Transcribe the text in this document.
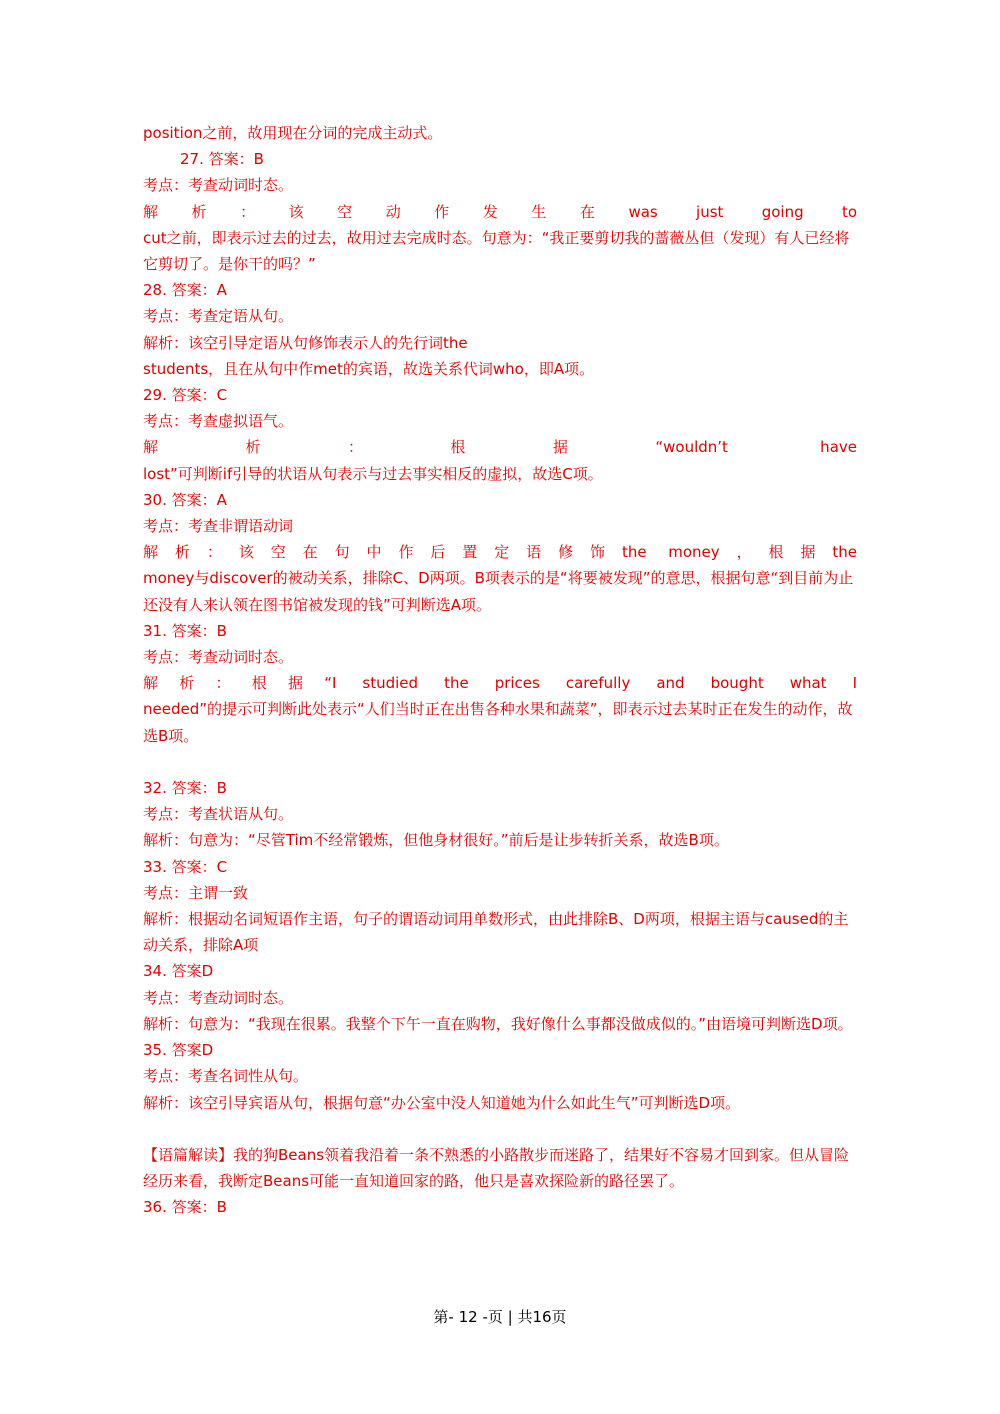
position之前，故用现在分词的完成主动式。

27. 答案：B

考点：考查动词时态。

解析：该空动作发生在was just going to

cut之前，即表示过去的过去，故用过去完成时态。句意为：“我正要剪切我的蔷薇丛但（发现）有人已经将它剪切了。是你干的吗？”

28. 答案：A

考点：考查定语从句。

解析：该空引导定语从句修饰表示人的先行词the

students，且在从句中作met的宾语，故选关系代词who，即A项。

29. 答案：C

考点：考查虚拟语气。

解析：根据“wouldn’t have

lost”可判断if引导的状语从句表示与过去事实相反的虚拟，故选C项。

30. 答案：A

考点：考查非谓语动词

解析：该空在句中作后置定语修饰the money，根据the

money与discover的被动关系，排除C、D两项。B项表示的是“将要被发现”的意思，根据句意“到目前为止还没有人来认领在图书馆被发现的钱”可判断选A项。

31. 答案：B

考点：考查动词时态。

解析：根据“I studied the prices carefully and bought what I

needed”的提示可判断此处表示“人们当时正在出售各种水果和蔬菜”，即表示过去某时正在发生的动作，故选B项。

32. 答案：B

考点：考查状语从句。

解析：句意为：“尽管Tim不经常锻炼，但他身材很好。”前后是让步转折关系，故选B项。

33. 答案：C

考点：主谓一致

解析：根据动名词短语作主语，句子的谓语动词用单数形式，由此排除B、D两项，根据主语与caused的主动关系，排除A项

34. 答案D

考点：考查动词时态。

解析：句意为：“我现在很累。我整个下午一直在购物，我好像什么事都没做成似的。”由语境可判断选D项。

35. 答案D

考点：考查名词性从句。

解析：该空引导宾语从句，根据句意“办公室中没人知道她为什么如此生气”可判断选D项。

【语篇解读】我的狗Beans领着我沿着一条不熟悉的小路散步而迷路了，结果好不容易才回到家。但从冒险经历来看，我断定Beans可能一直知道回家的路，他只是喜欢探险新的路径罢了。

36. 答案：B

第- 12 -页 | 共16页
